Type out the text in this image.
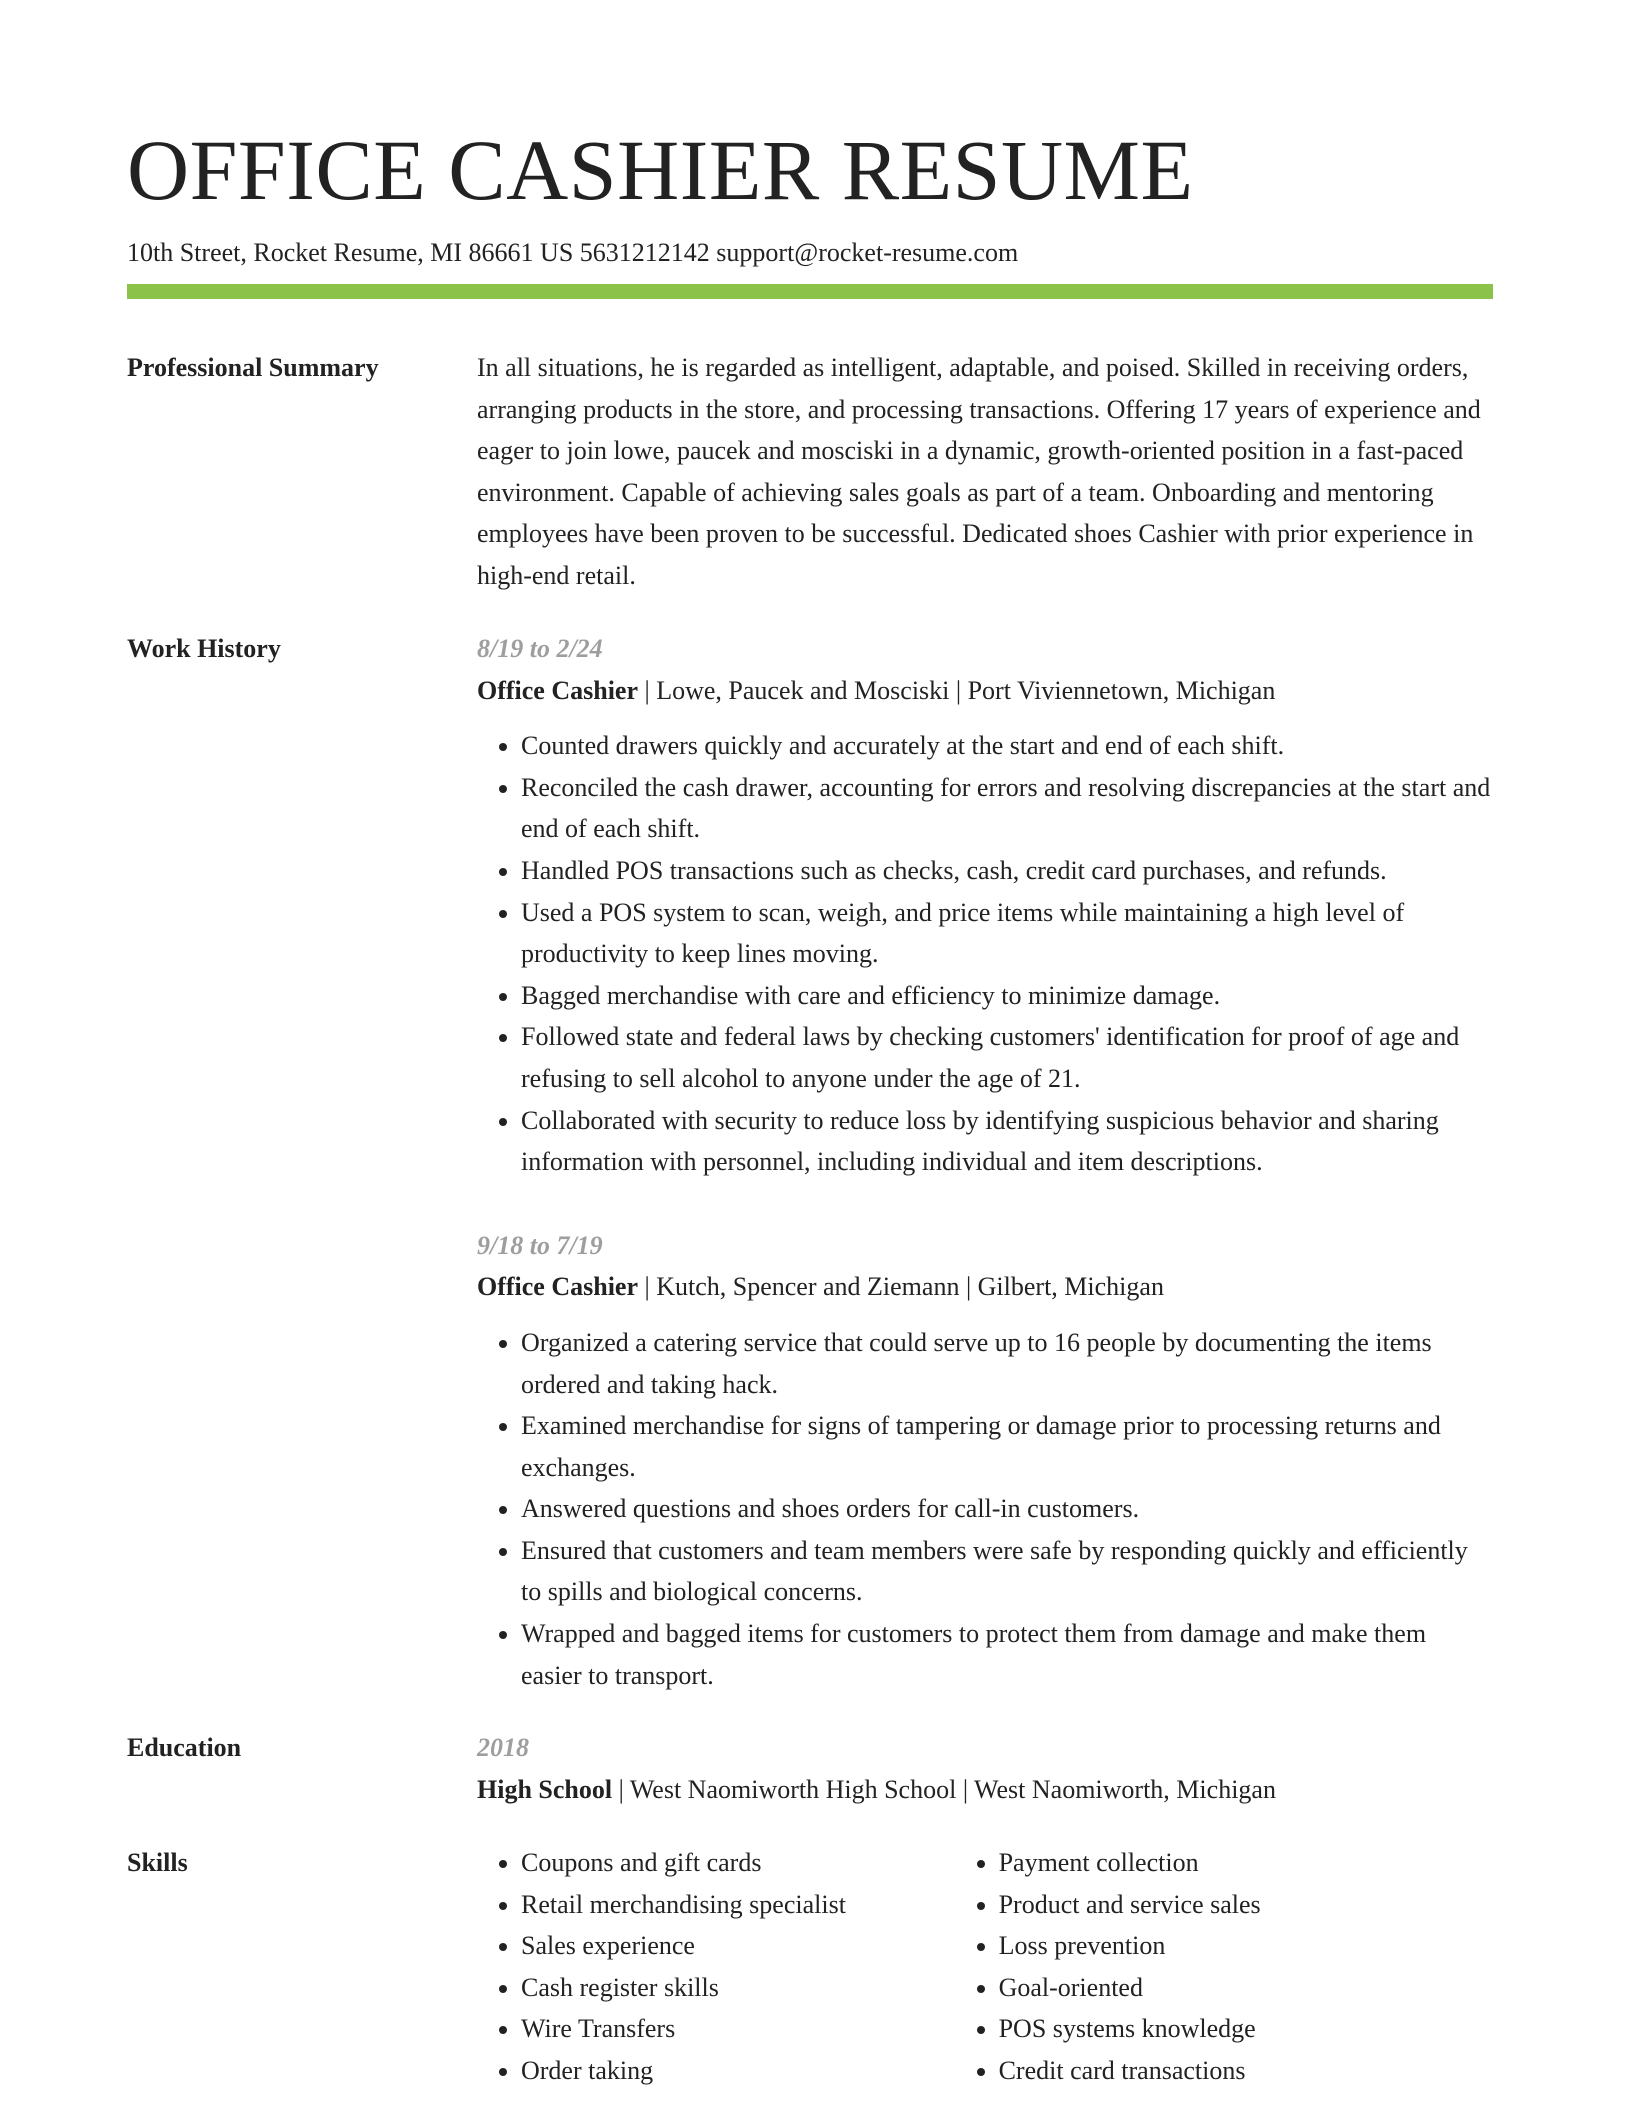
OFFICE CASHIER RESUME
10th Street, Rocket Resume, MI 86661 US 5631212142 support@rocket-resume.com
Professional Summary	In all situations, he is regarded as intelligent, adaptable, and poised. Skilled in receiving orders, arranging products in the store, and processing transactions. Offering 17 years of experience and eager to join lowe, paucek and mosciski in a dynamic, growth-oriented position in a fast-paced environment. Capable of achieving sales goals as part of a team. Onboarding and mentoring employees have been proven to be successful. Dedicated shoes Cashier with prior experience in high-end retail.

Work History	8/19 to 2/24
Office Cashier | Lowe, Paucek and Mosciski | Port Viviennetown, Michigan
• Counted drawers quickly and accurately at the start and end of each shift.
• Reconciled the cash drawer, accounting for errors and resolving discrepancies at the start and end of each shift.
• Handled POS transactions such as checks, cash, credit card purchases, and refunds.
• Used a POS system to scan, weigh, and price items while maintaining a high level of productivity to keep lines moving.
• Bagged merchandise with care and efficiency to minimize damage.
• Followed state and federal laws by checking customers' identification for proof of age and refusing to sell alcohol to anyone under the age of 21.
• Collaborated with security to reduce loss by identifying suspicious behavior and sharing information with personnel, including individual and item descriptions.
9/18 to 7/19
Office Cashier | Kutch, Spencer and Ziemann | Gilbert, Michigan
• Organized a catering service that could serve up to 16 people by documenting the items ordered and taking hack.
• Examined merchandise for signs of tampering or damage prior to processing returns and exchanges.
• Answered questions and shoes orders for call-in customers.
• Ensured that customers and team members were safe by responding quickly and efficiently to spills and biological concerns.
• Wrapped and bagged items for customers to protect them from damage and make them easier to transport.
Education	2018
High School | West Naomiworth High School | West Naomiworth, Michigan
Skills
•	Coupons and gift cards
• Retail merchandising specialist
• Sales experience
• Cash register skills
• Wire Transfers
• Order taking
• Payment collection
• Product and service sales
• Loss prevention
• Goal-oriented
• POS systems knowledge
• Credit card transactions
